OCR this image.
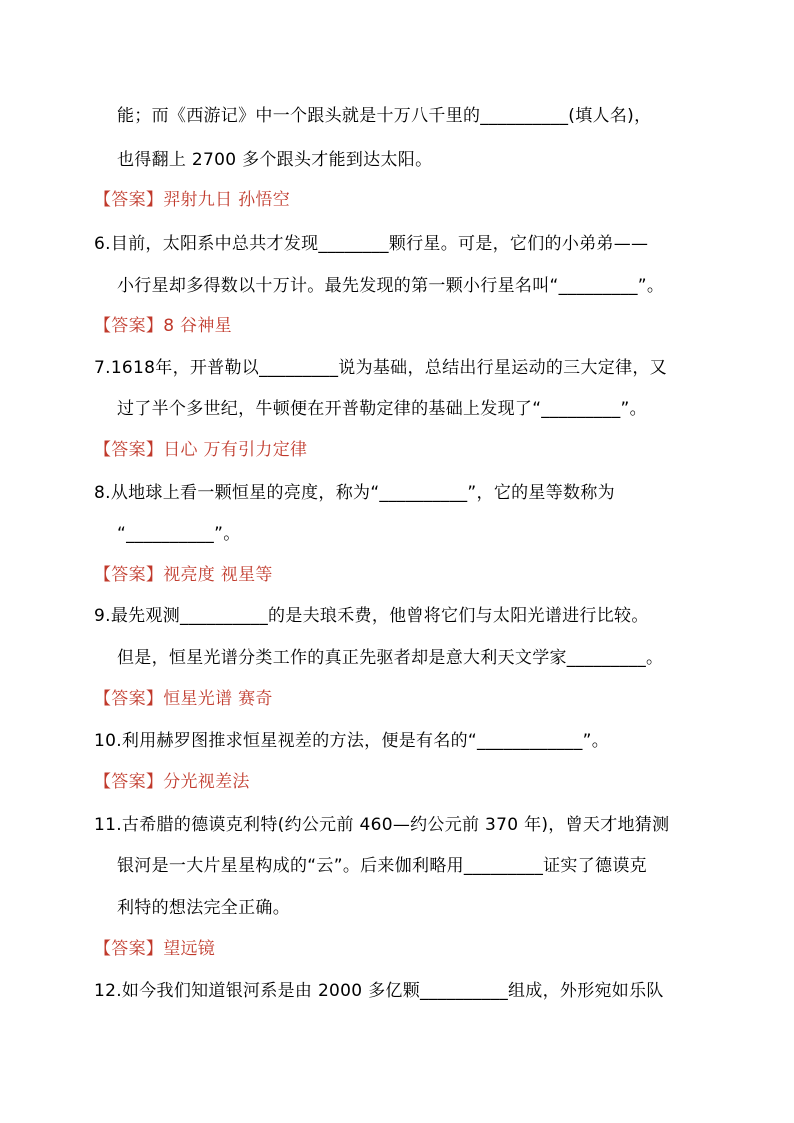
能；而《西游记》中一个跟头就是十万八千里的__________(填人名)，
也得翻上 2700 多个跟头才能到达太阳。
【答案】羿射九日 孙悟空
6.目前，太阳系中总共才发现________颗行星。可是，它们的小弟弟——
小行星却多得数以十万计。最先发现的第一颗小行星名叫“_________”。
【答案】8 谷神星
7.1618年，开普勒以_________说为基础，总结出行星运动的三大定律，又
过了半个多世纪，牛顿便在开普勒定律的基础上发现了“_________”。
【答案】日心 万有引力定律
8.从地球上看一颗恒星的亮度，称为“__________”，它的星等数称为
“__________”。
【答案】视亮度 视星等
9.最先观测__________的是夫琅禾费，他曾将它们与太阳光谱进行比较。
但是，恒星光谱分类工作的真正先驱者却是意大利天文学家_________。
【答案】恒星光谱 赛奇
10.利用赫罗图推求恒星视差的方法，便是有名的“____________”。
【答案】分光视差法
11.古希腊的德谟克利特(约公元前 460—约公元前 370 年)，曾天才地猜测
银河是一大片星星构成的“云”。后来伽利略用_________证实了德谟克
利特的想法完全正确。
【答案】望远镜
12.如今我们知道银河系是由 2000 多亿颗__________组成，外形宛如乐队
